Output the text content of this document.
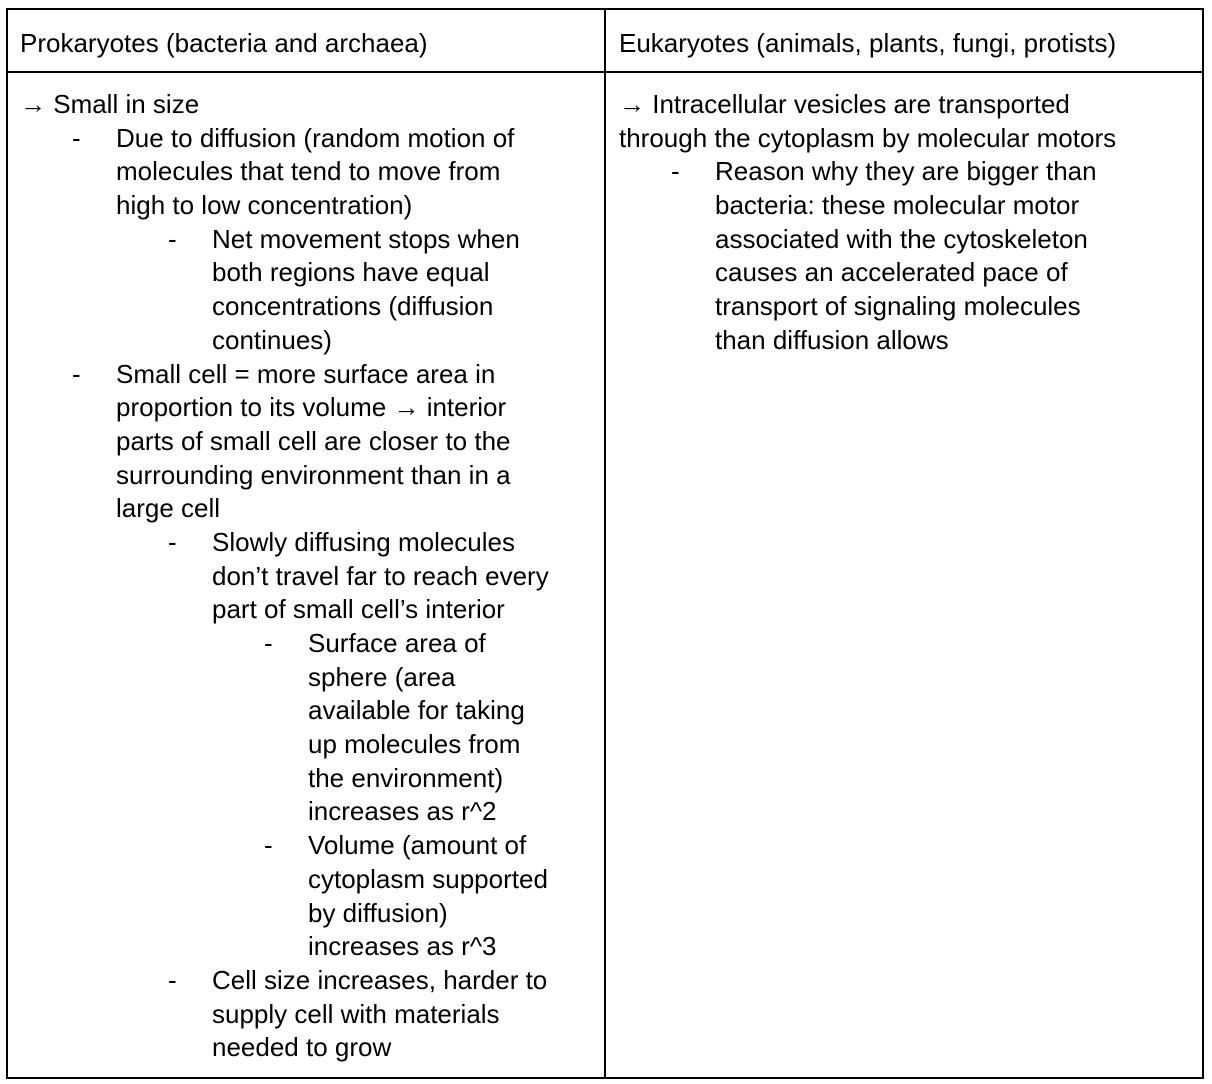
Prokaryotes (bacteria and archaea)	Eukaryotes (animals, plants, fungi, protists)
→ Small in size
- Due to diffusion (random motion of
molecules that tend to move from
high to low concentration)
- Net movement stops when
both regions have equal
concentrations (diffusion
continues)
- Small cell = more surface area in
proportion to its volume → interior
parts of small cell are closer to the
surrounding environment than in a
large cell
- Slowly diffusing molecules
don’t travel far to reach every
part of small cell’s interior
- Surface area of
sphere (area
available for taking
up molecules from
the environment)
increases as r^2
- Volume (amount of
cytoplasm supported
by diffusion)
increases as r^3
- Cell size increases, harder to
supply cell with materials
needed to grow
→ Intracellular vesicles are transported
through the cytoplasm by molecular motors
- Reason why they are bigger than
bacteria: these molecular motor
associated with the cytoskeleton
causes an accelerated pace of
transport of signaling molecules
than diffusion allows
